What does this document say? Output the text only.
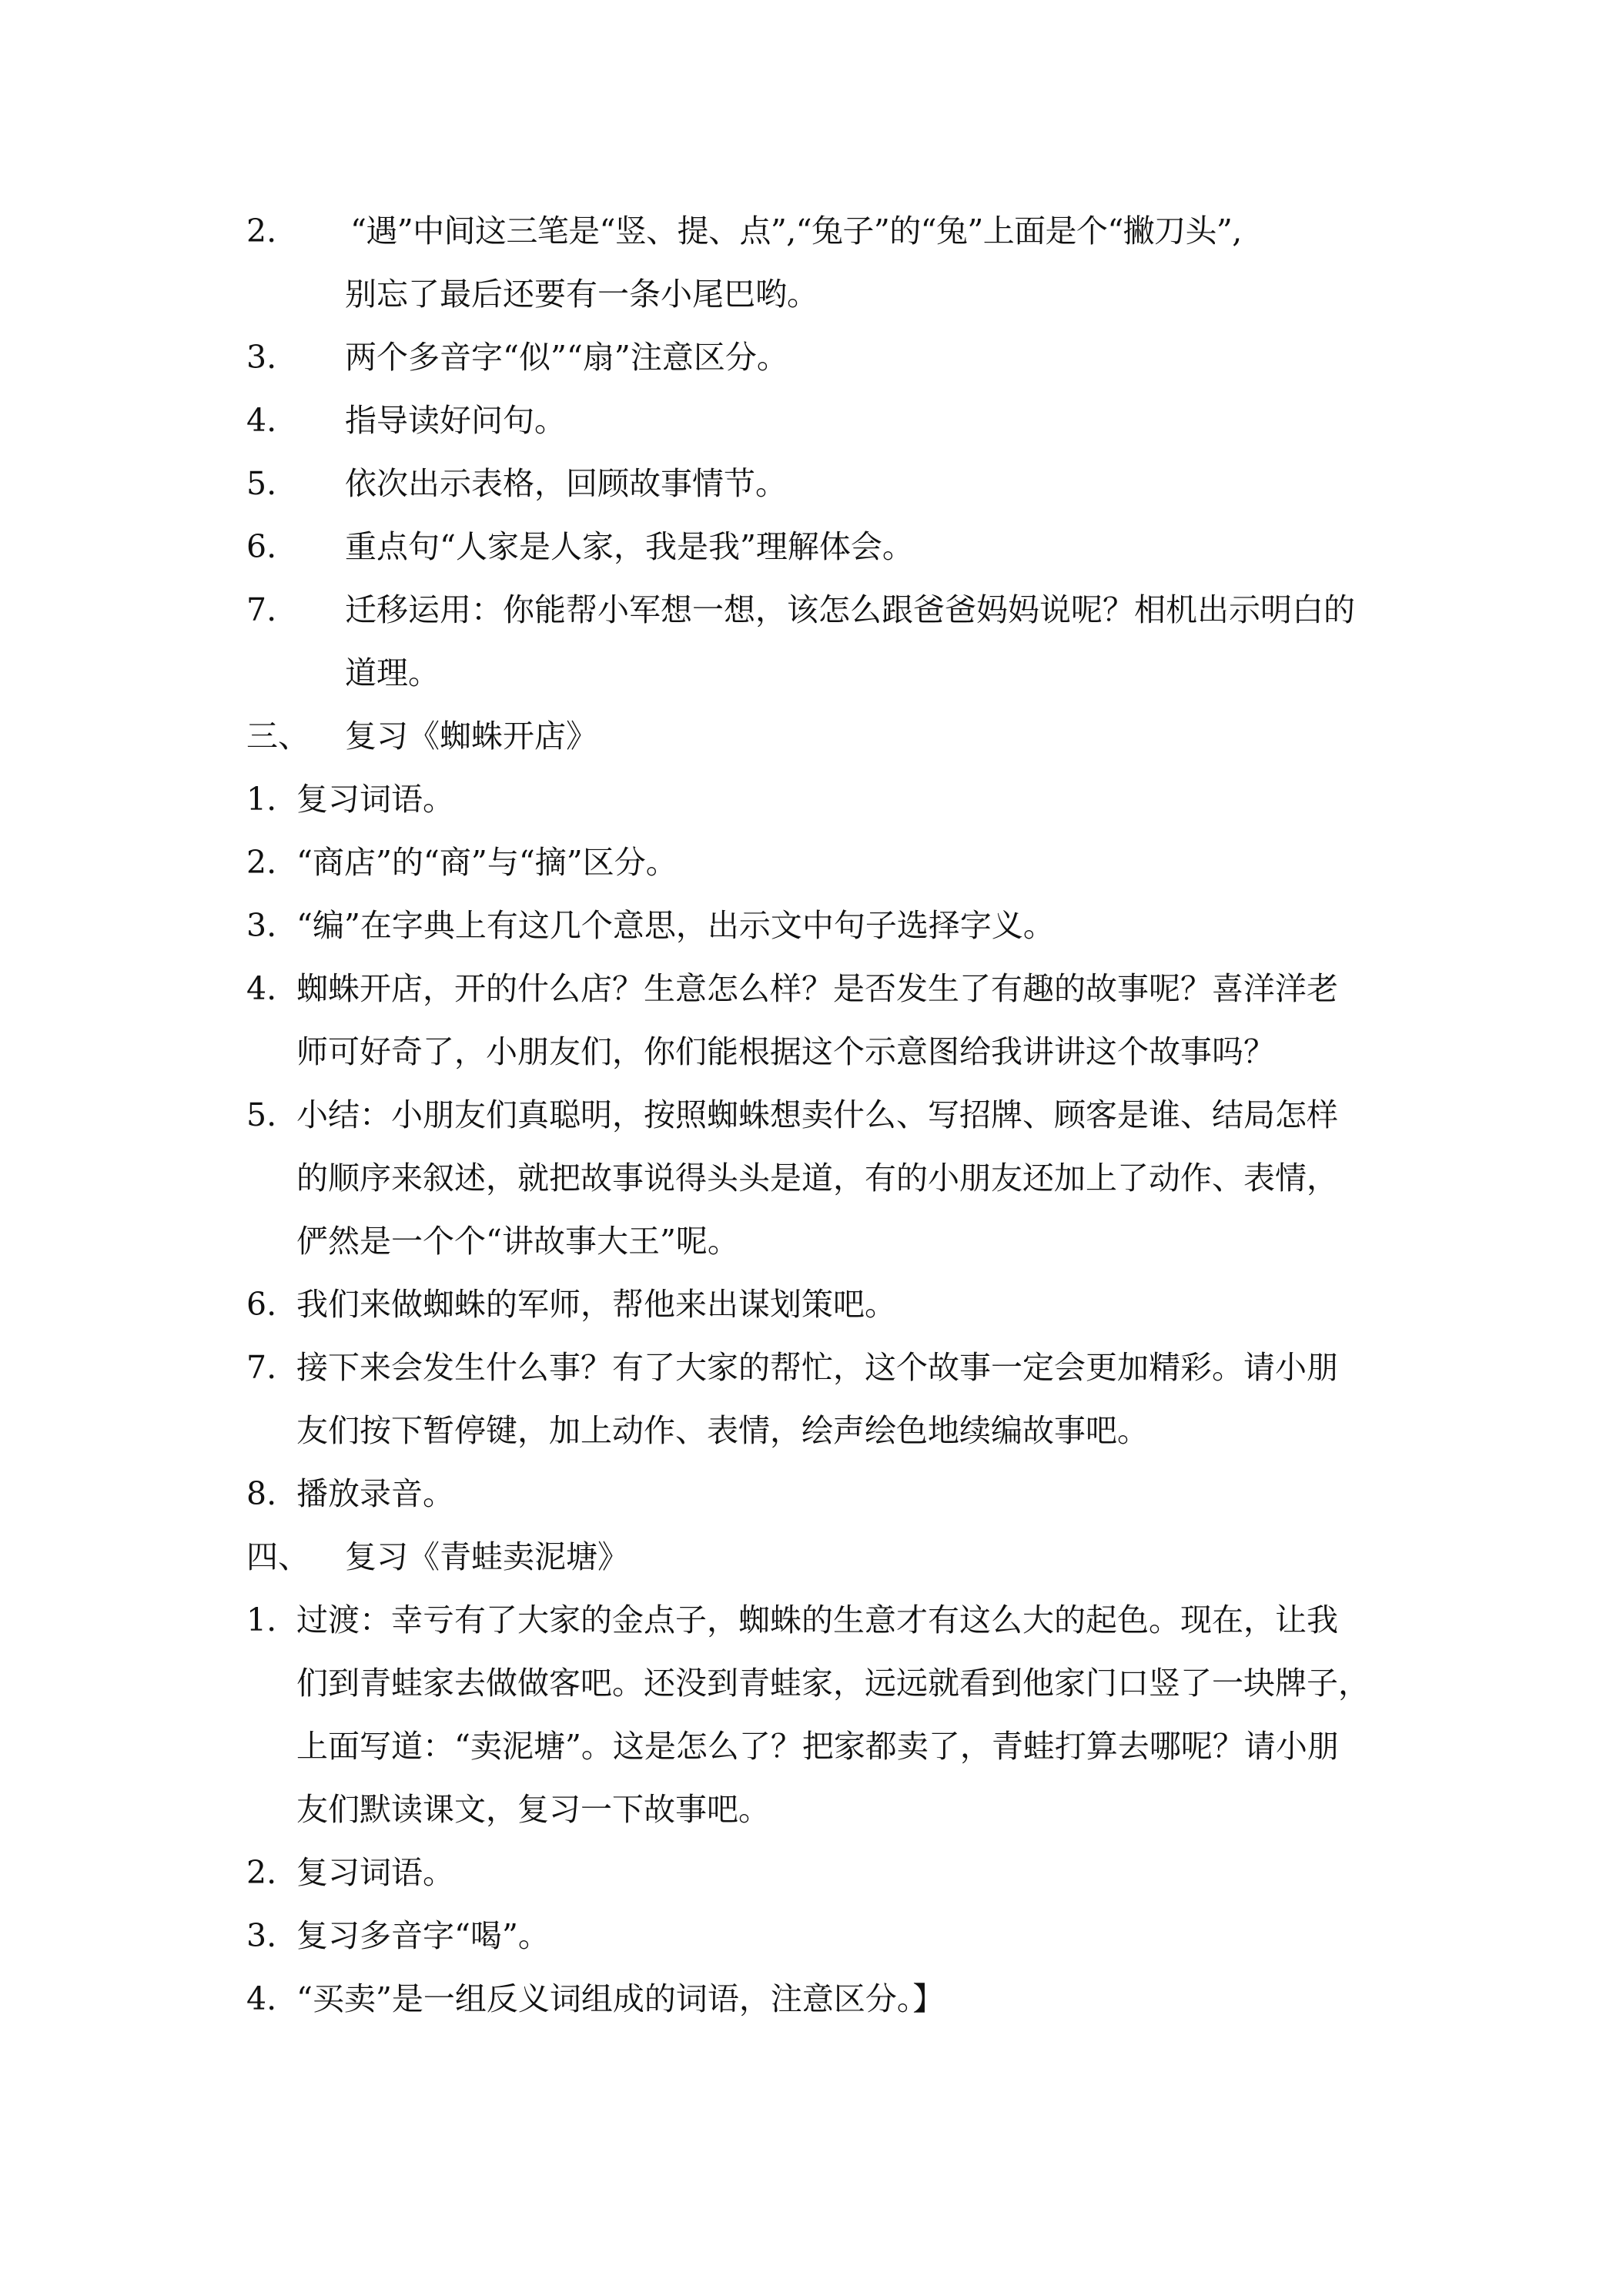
2. “遇”中间这三笔是“竖、提、点”,“兔子”的“兔”上面是个“撇刀头”,
别忘了最后还要有一条小尾巴哟。
3. 两个多音字“似”“扇”注意区分。
4. 指导读好问句。
5. 依次出示表格，回顾故事情节。
6. 重点句“人家是人家，我是我”理解体会。
7. 迁移运用：你能帮小军想一想，该怎么跟爸爸妈妈说呢？相机出示明白的
道理。
三、 复习《蜘蛛开店》
1. 复习词语。
2. “商店”的“商”与“摘”区分。
3. “编”在字典上有这几个意思，出示文中句子选择字义。
4. 蜘蛛开店，开的什么店？生意怎么样？是否发生了有趣的故事呢？喜洋洋老
师可好奇了，小朋友们，你们能根据这个示意图给我讲讲这个故事吗？
5. 小结：小朋友们真聪明，按照蜘蛛想卖什么、写招牌、顾客是谁、结局怎样
的顺序来叙述，就把故事说得头头是道，有的小朋友还加上了动作、表情，
俨然是一个个“讲故事大王”呢。
6. 我们来做蜘蛛的军师，帮他来出谋划策吧。
7. 接下来会发生什么事？有了大家的帮忙，这个故事一定会更加精彩。请小朋
友们按下暂停键，加上动作、表情，绘声绘色地续编故事吧。
8. 播放录音。
四、 复习《青蛙卖泥塘》
1. 过渡：幸亏有了大家的金点子，蜘蛛的生意才有这么大的起色。现在，让我
们到青蛙家去做做客吧。还没到青蛙家，远远就看到他家门口竖了一块牌子，
上面写道：“卖泥塘”。这是怎么了？把家都卖了，青蛙打算去哪呢？请小朋
友们默读课文，复习一下故事吧。
2. 复习词语。
3. 复习多音字“喝”。
4. “买卖”是一组反义词组成的词语，注意区分。】
